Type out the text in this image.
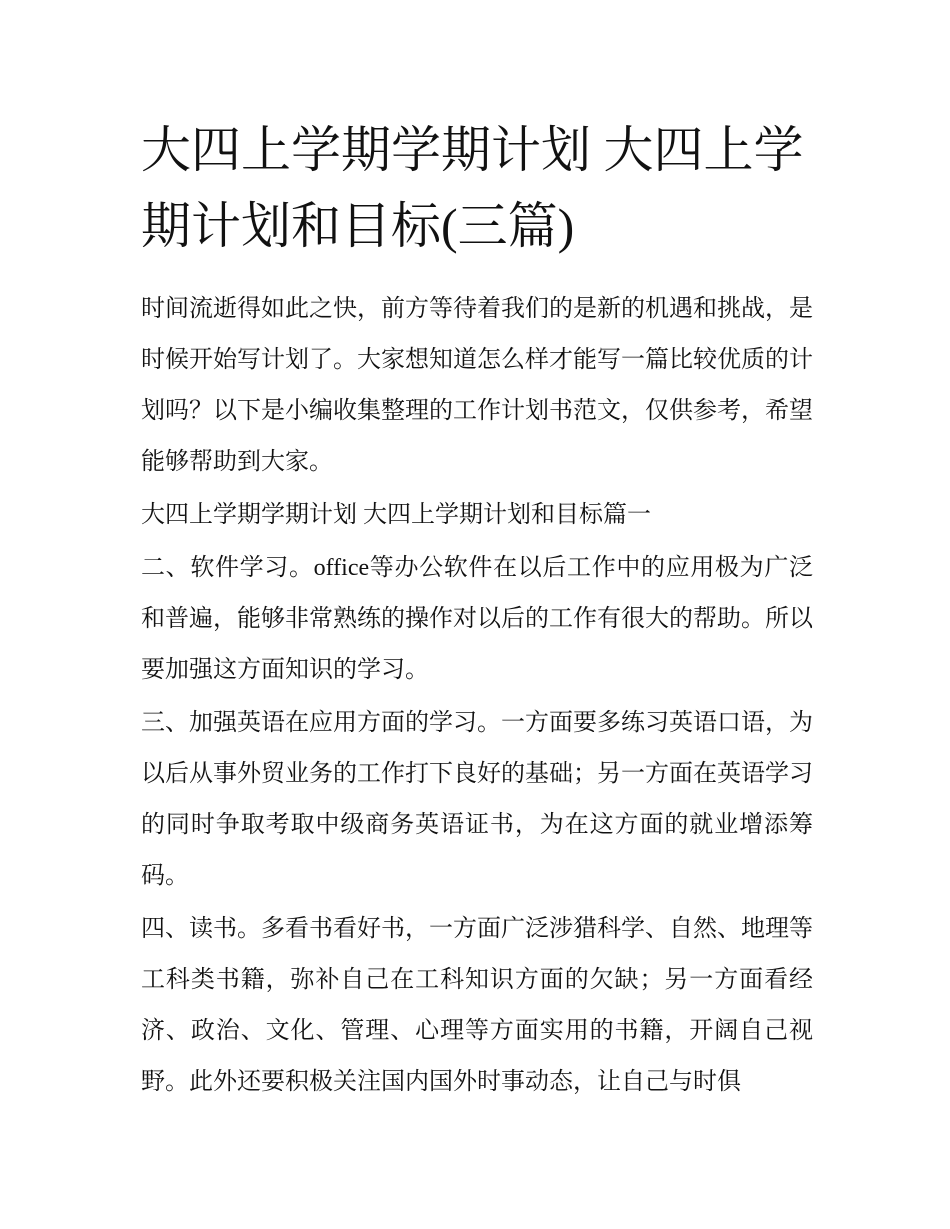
大四上学期学期计划 大四上学期计划和目标(三篇)

时间流逝得如此之快，前方等待着我们的是新的机遇和挑战，是时候开始写计划了。大家想知道怎么样才能写一篇比较优质的计划吗？以下是小编收集整理的工作计划书范文，仅供参考，希望能够帮助到大家。

大四上学期学期计划 大四上学期计划和目标篇一

二、软件学习。office等办公软件在以后工作中的应用极为广泛和普遍，能够非常熟练的操作对以后的工作有很大的帮助。所以要加强这方面知识的学习。

三、加强英语在应用方面的学习。一方面要多练习英语口语，为以后从事外贸业务的工作打下良好的基础；另一方面在英语学习的同时争取考取中级商务英语证书，为在这方面的就业增添筹码。

四、读书。多看书看好书，一方面广泛涉猎科学、自然、地理等工科类书籍，弥补自己在工科知识方面的欠缺；另一方面看经济、政治、文化、管理、心理等方面实用的书籍，开阔自己视野。此外还要积极关注国内国外时事动态，让自己与时俱
